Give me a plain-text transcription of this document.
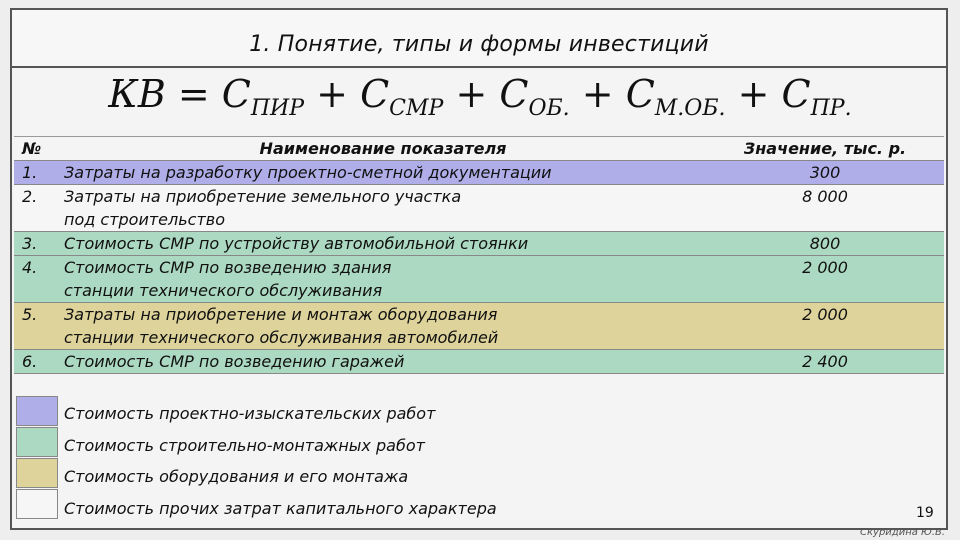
1. Понятие, типы и формы инвестиций
КВ = $С_{ПИР} + С_{СМР} + С_{ОБ.} + С_{М.ОБ.} + С_{ПР.}$
№	Наименование показателя	Значение, тыс. р.
1.	Затраты на разработку проектно-сметной документации	300
2.	Затраты на приобретение земельного участка
под строительство	8 000
3.	Стоимость СМР по устройству автомобильной стоянки	800
4.	Стоимость СМР по возведению здания
станции технического обслуживания	2 000
5.	Затраты на приобретение и монтаж оборудования
станции технического обслуживания автомобилей	2 000
6.	Стоимость СМР по возведению гаражей	2 400
Стоимость проектно-изыскательских работ
Стоимость строительно-монтажных работ
Стоимость оборудования и его монтажа
Стоимость прочих затрат капитального характера	19
Скуридина Ю.В.
